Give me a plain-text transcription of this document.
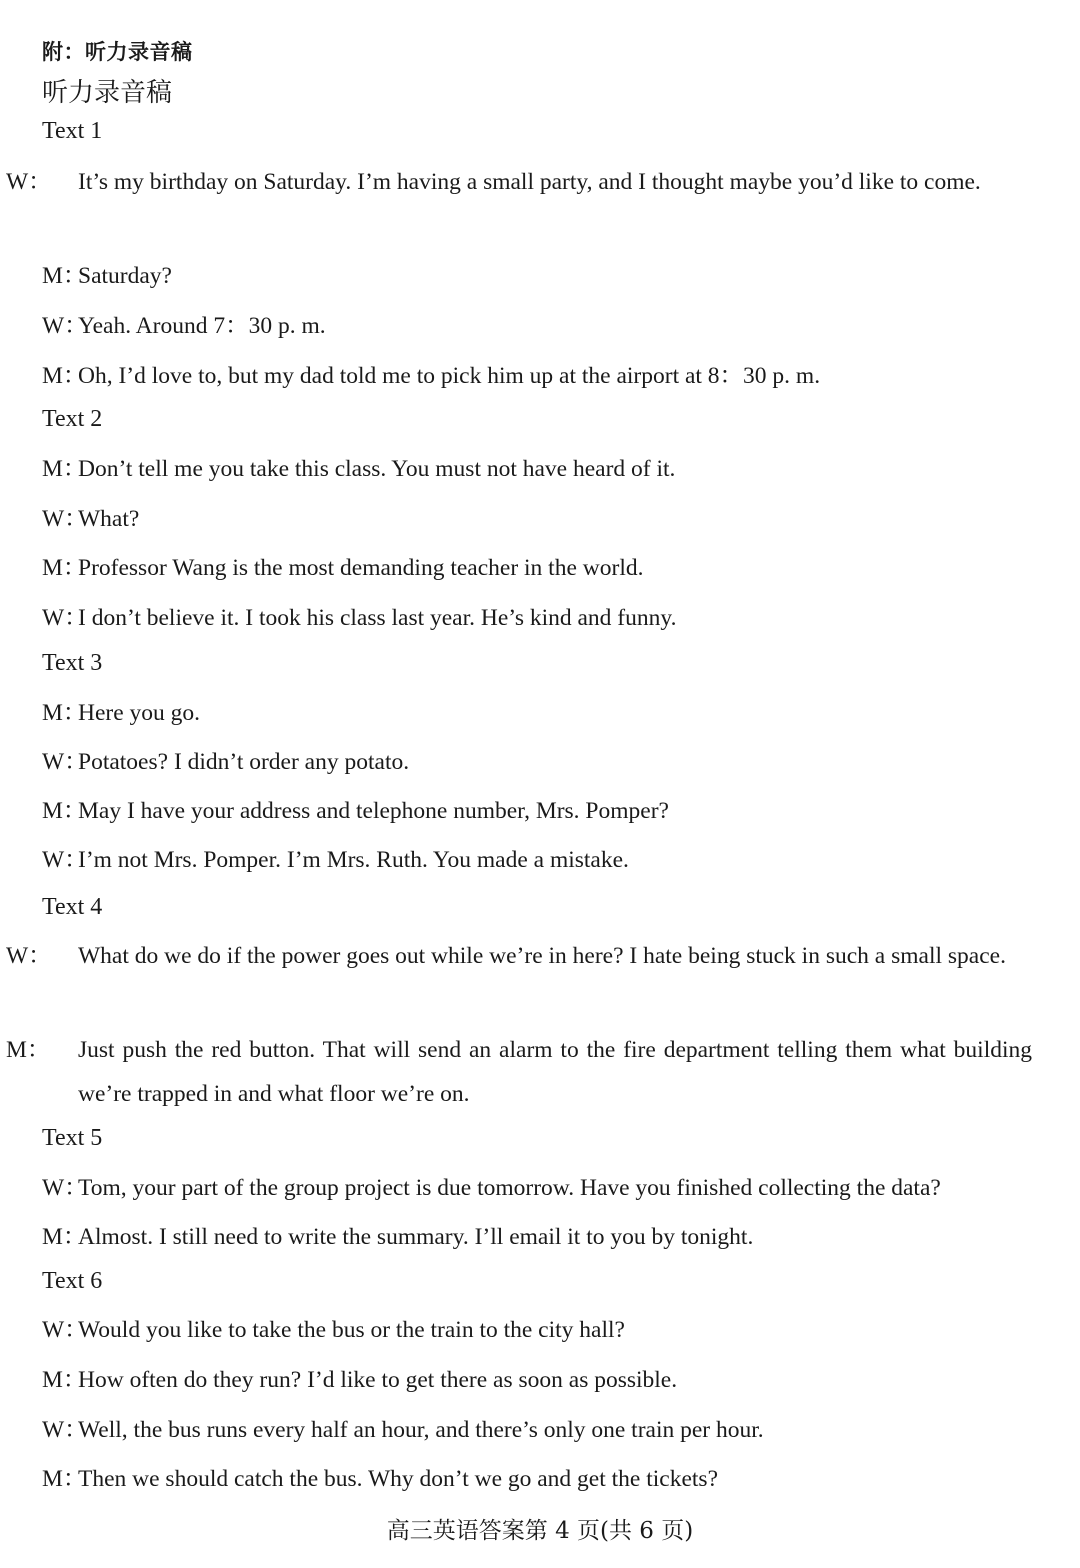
附：听力录音稿
听力录音稿
Text 1
W： It’s my birthday on Saturday. I’m having a small party, and I thought maybe you’d like to come.
M：Saturday?
W：Yeah. Around 7：30 p. m.
M：Oh, I’d love to, but my dad told me to pick him up at the airport at 8：30 p. m.
Text 2
M：Don’t tell me you take this class. You must not have heard of it.
W：What?
M：Professor Wang is the most demanding teacher in the world.
W：I don’t believe it. I took his class last year. He’s kind and funny.
Text 3
M：Here you go.
W：Potatoes? I didn’t order any potato.
M：May I have your address and telephone number, Mrs. Pomper?
W：I’m not Mrs. Pomper. I’m Mrs. Ruth. You made a mistake.
Text 4
W： What do we do if the power goes out while we’re in here? I hate being stuck in such a small space.
M： Just push the red button. That will send an alarm to the fire department telling them what building we’re trapped in and what floor we’re on.
Text 5
W：Tom, your part of the group project is due tomorrow. Have you finished collecting the data?
M：Almost. I still need to write the summary. I’ll email it to you by tonight.
Text 6
W：Would you like to take the bus or the train to the city hall?
M：How often do they run? I’d like to get there as soon as possible.
W：Well, the bus runs every half an hour, and there’s only one train per hour.
M：Then we should catch the bus. Why don’t we go and get the tickets?
高三英语答案第 4 页(共 6 页)
